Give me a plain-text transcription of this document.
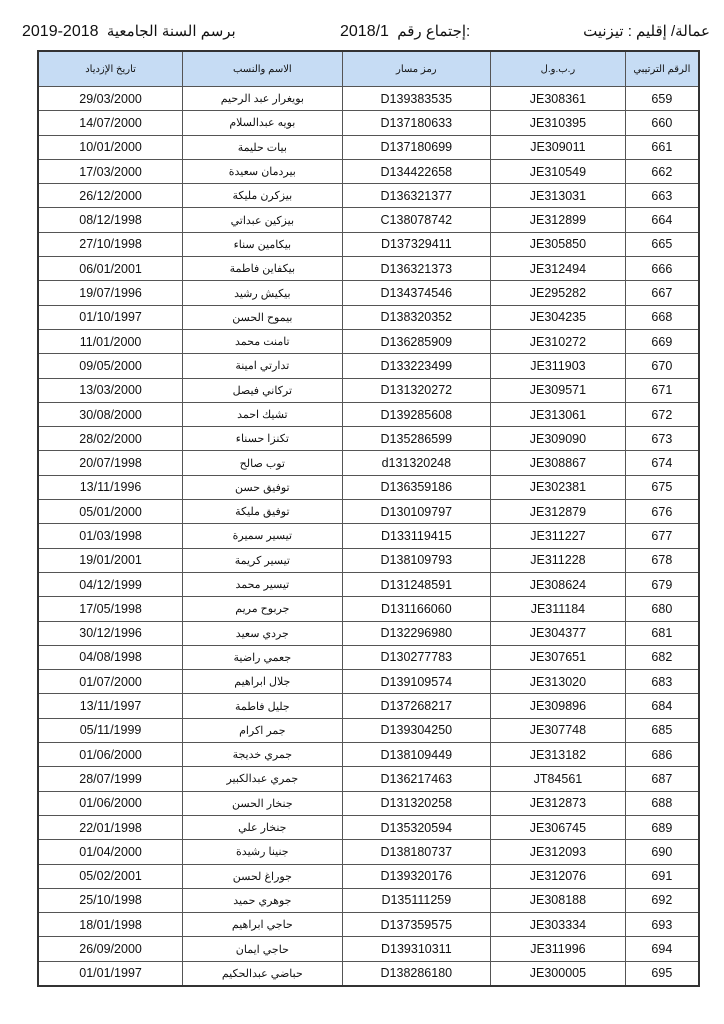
2019-2018 برسم السنة الجامعية	2018/1 إجتماع رقم:	عمالة/ إقليم : تيزنيت
الرقم الترتيبي	ر.ب.و.ل	رمز مسار	الاسم والنسب	تاريخ الإزدياد
659	JE308361	D139383535	بويغرار عبد الرحيم	29/03/2000
660	JE310395	D137180633	بويه عبدالسلام	14/07/2000
661	JE309011	D137180699	بيات حليمة	10/01/2000
662	JE310549	D134422658	بيردمان سعيدة	17/03/2000
663	JE313031	D136321377	بيزكرن مليكة	26/12/2000
664	JE312899	C138078742	بيزكين عبداتي	08/12/1998
665	JE305850	D137329411	بيكامين سناء	27/10/1998
666	JE312494	D136321373	بيكفاين فاطمة	06/01/2001
667	JE295282	D134374546	بيكيش رشيد	19/07/1996
668	JE304235	D138320352	بيموح الحسن	01/10/1997
669	JE310272	D136285909	تامنت محمد	11/01/2000
670	JE311903	D133223499	تدارتي امينة	09/05/2000
671	JE309571	D131320272	تركاني فيصل	13/03/2000
672	JE313061	D139285608	تشيك احمد	30/08/2000
673	JE309090	D135286599	تكنزا حسناء	28/02/2000
674	JE308867	d131320248	توب صالح	20/07/1998
675	JE302381	D136359186	توفيق حسن	13/11/1996
676	JE312879	D130109797	توفيق مليكة	05/01/2000
677	JE311227	D133119415	تيسير سميرة	01/03/1998
678	JE311228	D138109793	تيسير كريمة	19/01/2001
679	JE308624	D131248591	تيسير محمد	04/12/1999
680	JE311184	D131166060	جربوح مريم	17/05/1998
681	JE304377	D132296980	جردي سعيد	30/12/1996
682	JE307651	D130277783	جعمي راضية	04/08/1998
683	JE313020	D139109574	جلال ابراهيم	01/07/2000
684	JE309896	D137268217	جليل فاطمة	13/11/1997
685	JE307748	D139304250	جمر اكرام	05/11/1999
686	JE313182	D138109449	جمري خديجة	01/06/2000
687	JT84561	D136217463	جمري عبدالكبير	28/07/1999
688	JE312873	D131320258	جنخار الحسن	01/06/2000
689	JE306745	D135320594	جنخار علي	22/01/1998
690	JE312093	D138180737	جنينا رشيدة	01/04/2000
691	JE312076	D139320176	جوراغ لحسن	05/02/2001
692	JE308188	D135111259	جوهري حميد	25/10/1998
693	JE303334	D137359575	حاجي ابراهيم	18/01/1998
694	JE311996	D139310311	حاجي ايمان	26/09/2000
695	JE300005	D138286180	حباضي عبدالحكيم	01/01/1997
